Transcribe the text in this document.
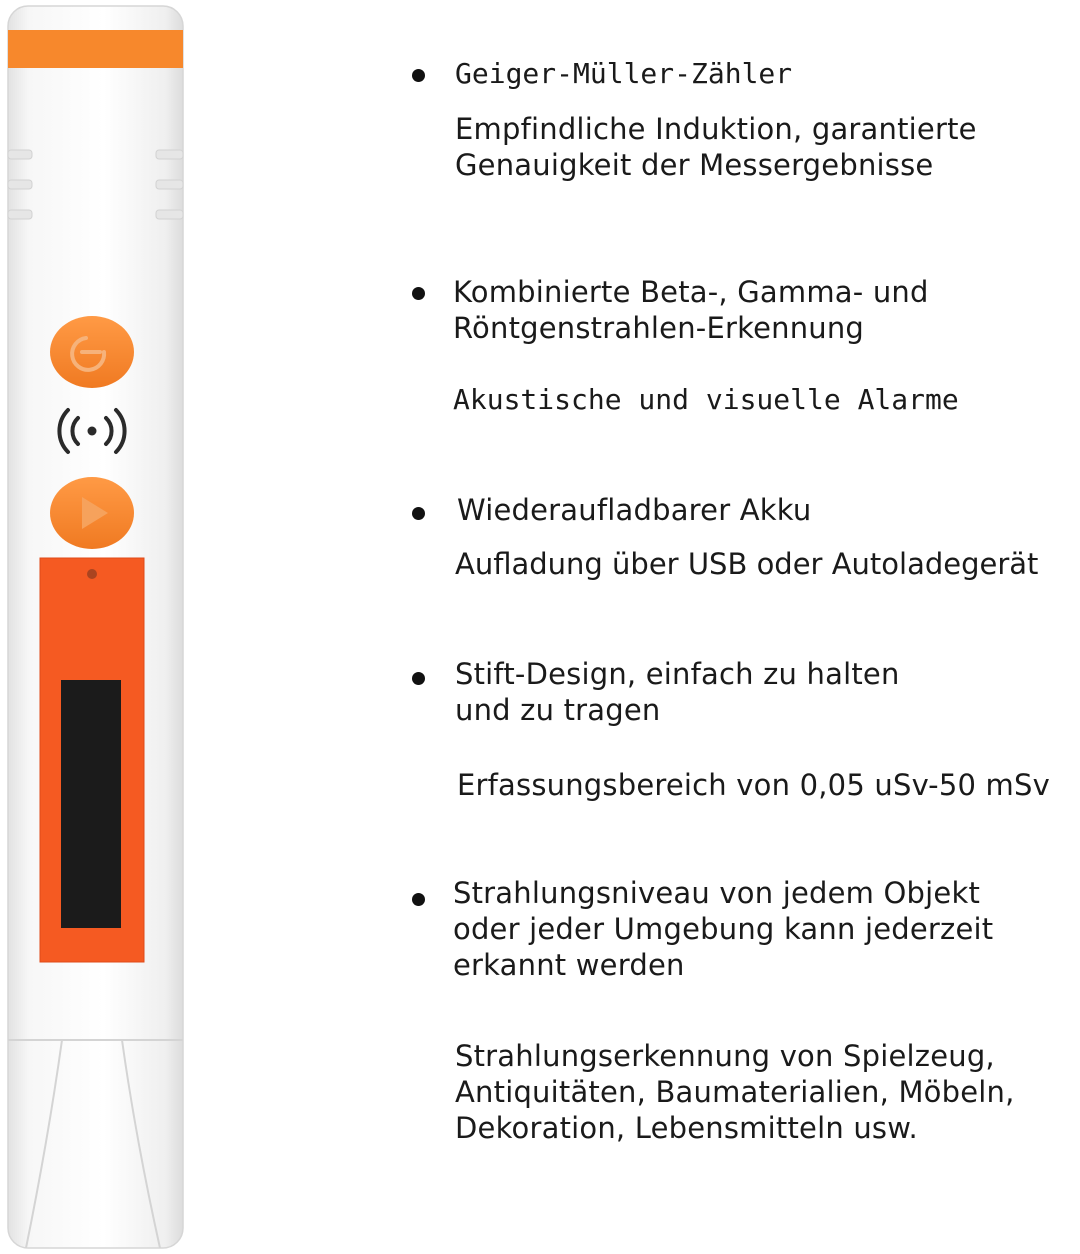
Geiger-Müller-Zähler

Empfindliche Induktion, garantierte

Genauigkeit der Messergebnisse

Kombinierte Beta-, Gamma- und

Röntgenstrahlen-Erkennung

Akustische und visuelle Alarme

Wiederaufladbarer Akku

Aufladung über USB oder Autoladegerät

Stift-Design, einfach zu halten

und zu tragen

Erfassungsbereich von 0,05 uSv-50 mSv

Strahlungsniveau von jedem Objekt

oder jeder Umgebung kann jederzeit

erkannt werden

Strahlungserkennung von Spielzeug,

Antiquitäten, Baumaterialien, Möbeln,

Dekoration, Lebensmitteln usw.
